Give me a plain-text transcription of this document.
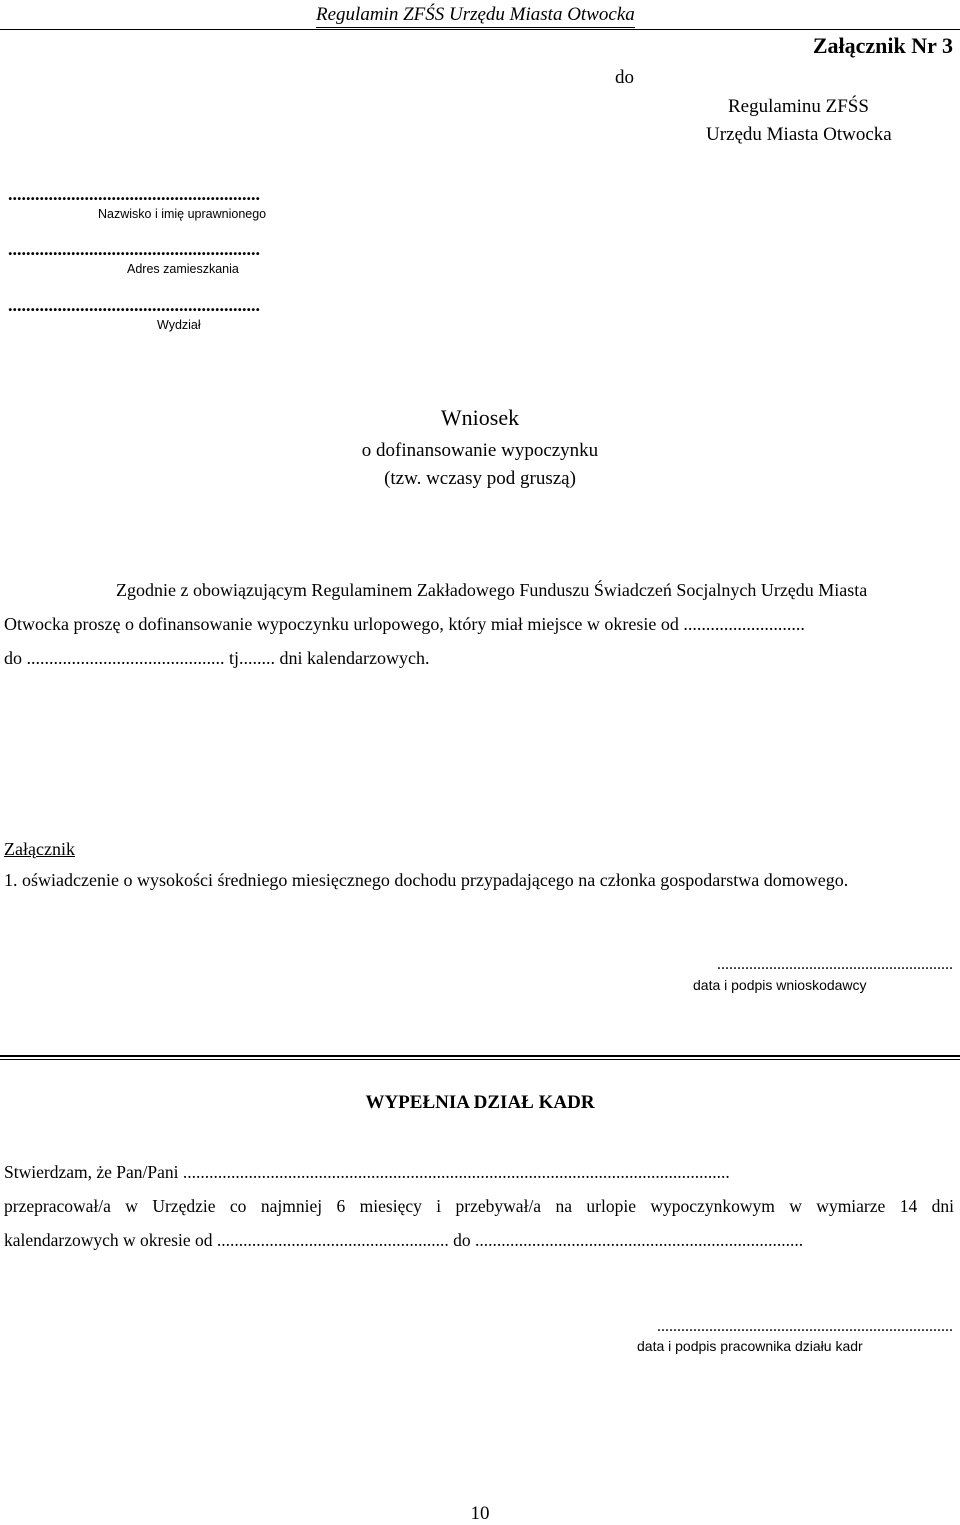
Regulamin ZFŚS Urzędu Miasta Otwocka
Załącznik Nr 3
do
Regulaminu ZFŚS
Urzędu Miasta Otwocka
........................................................
Nazwisko i imię uprawnionego
........................................................
Adres zamieszkania
........................................................
Wydział
Wniosek
o dofinansowanie wypoczynku
(tzw. wczasy pod gruszą)
Zgodnie z obowiązującym Regulaminem Zakładowego Funduszu Świadczeń Socjalnych Urzędu Miasta
Otwocka proszę o dofinansowanie wypoczynku urlopowego, który miał miejsce w okresie od ...........................
do ............................................ tj........ dni kalendarzowych.
Załącznik
1. oświadczenie o wysokości średniego miesięcznego dochodu przypadającego na członka gospodarstwa domowego.
...........................................................
data i podpis wnioskodawcy
WYPEŁNIA DZIAŁ KADR
Stwierdzam, że Pan/Pani .............................................................................................................................
przepracował/a w Urzędzie co najmniej 6 miesięcy i przebywał/a na urlopie wypoczynkowym w wymiarze 14 dni
kalendarzowych w okresie od ..................................................... do ...........................................................................
..........................................................................
data i podpis pracownika działu kadr
10
